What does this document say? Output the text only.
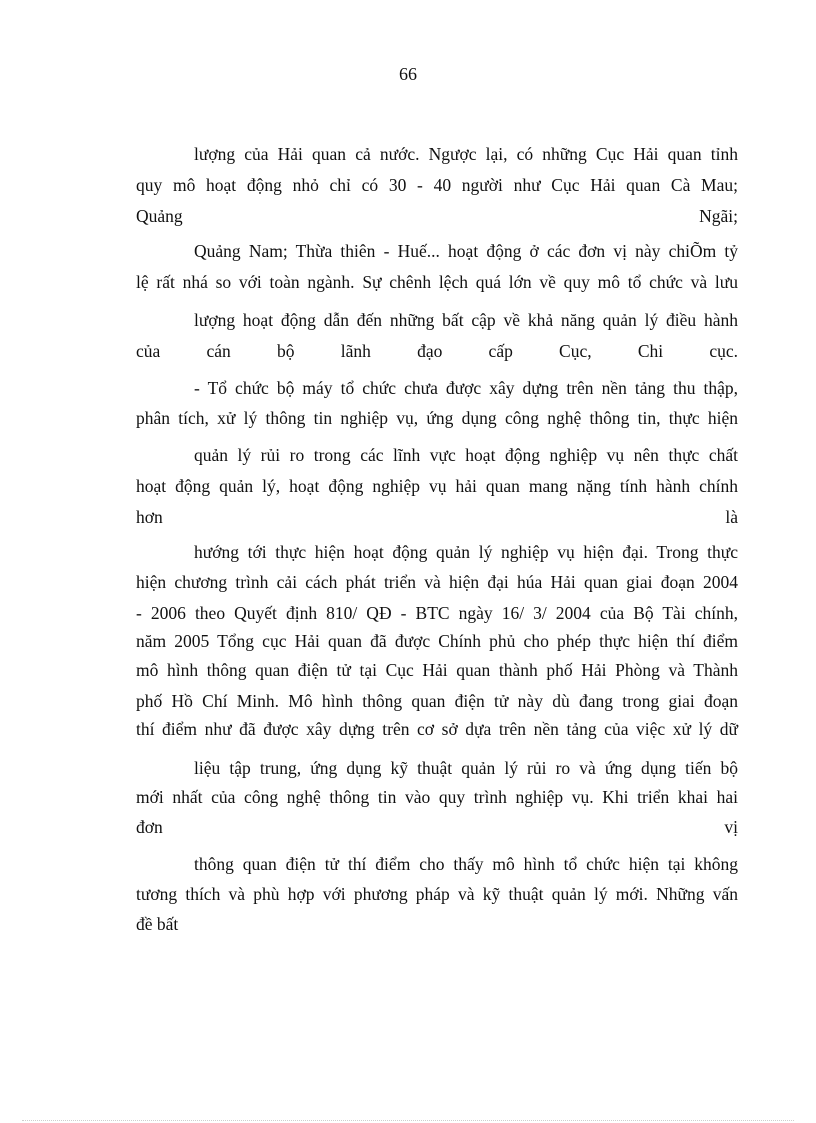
66
lượng của Hải quan cả nước. Ngược lại, có những Cục Hải quan tỉnh
quy mô hoạt động nhỏ chỉ có 30 - 40 người như Cục Hải quan Cà Mau;
Quảng Ngãi;
Quảng Nam; Thừa thiên - Huế... hoạt động ở các đơn vị này chiÕm tỷ
lệ rất nhá so với toàn ngành. Sự chênh lệch quá lớn về quy mô tổ chức và lưu
lượng hoạt động dẫn đến những bất cập về khả năng quản lý điều hành
của cán bộ lãnh đạo cấp Cục, Chi cục.
- Tổ chức bộ máy tổ chức chưa được xây dựng trên nền tảng thu thập,
phân tích, xử lý thông tin nghiệp vụ, ứng dụng công nghệ thông tin, thực hiện
quản lý rủi ro trong các lĩnh vực hoạt động nghiệp vụ nên thực chất
hoạt động quản lý, hoạt động nghiệp vụ hải quan mang nặng tính hành chính
hơn là
hướng tới thực hiện hoạt động quản lý nghiệp vụ hiện đại. Trong thực
hiện chương trình cải cách phát triển và hiện đại húa Hải quan giai đoạn 2004
- 2006 theo Quyết định 810/ QĐ - BTC ngày 16/ 3/ 2004 của Bộ Tài chính,
năm 2005 Tổng cục Hải quan đã được Chính phủ cho phép thực hiện thí điểm
mô hình thông quan điện tử tại Cục Hải quan thành phố Hải Phòng và Thành
phố Hồ Chí Minh. Mô hình thông quan điện tử này dù đang trong giai đoạn
thí điểm như đã được xây dựng trên cơ sở dựa trên nền tảng của việc xử lý dữ
liệu tập trung, ứng dụng kỹ thuật quản lý rủi ro và ứng dụng tiến bộ
mới nhất của công nghệ thông tin vào quy trình nghiệp vụ. Khi triển khai hai
đơn vị
thông quan điện tử thí điểm cho thấy mô hình tổ chức hiện tại không
tương thích và phù hợp với phương pháp và kỹ thuật quản lý mới. Những vấn
đề bất
